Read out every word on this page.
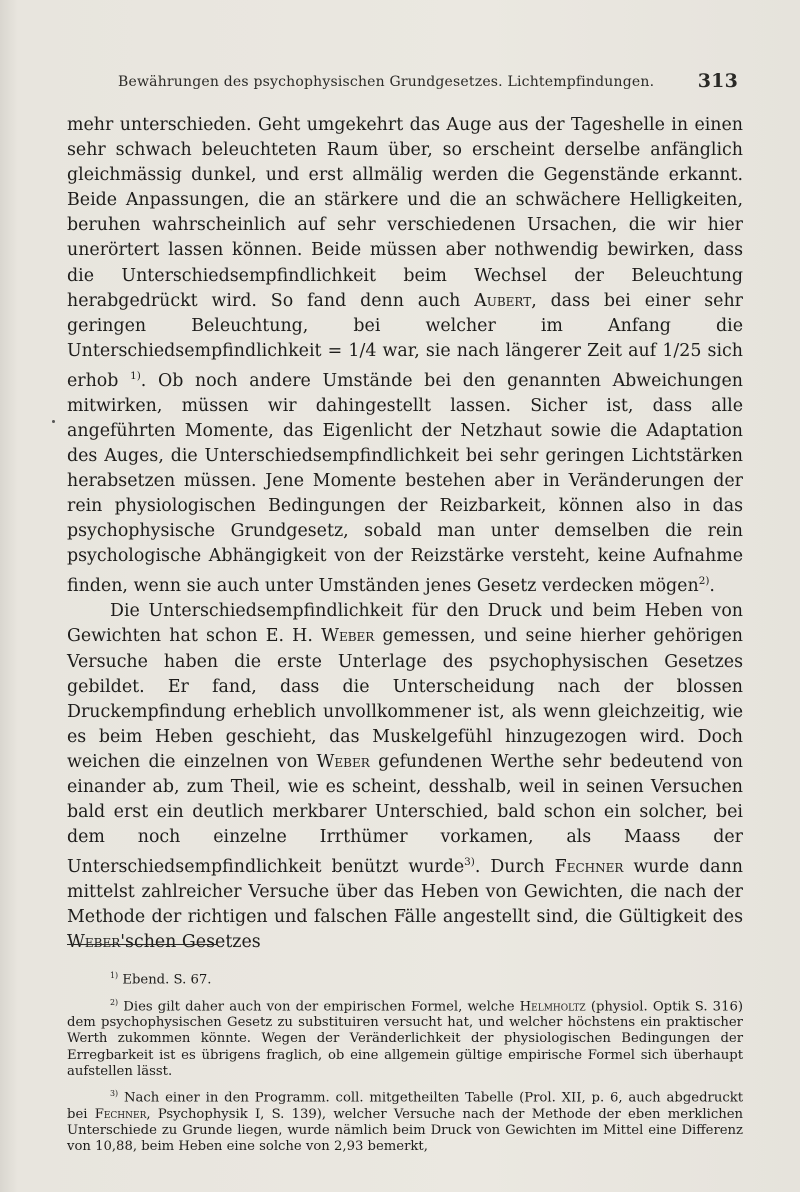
Bewährungen des psychophysischen Grundgesetzes. Lichtempfindungen. 313

mehr unterschieden. Geht umgekehrt das Auge aus der Tageshelle in einen sehr schwach beleuchteten Raum über, so erscheint derselbe anfänglich gleichmässig dunkel, und erst allmälig werden die Gegenstände erkannt. Beide Anpassungen, die an stärkere und die an schwächere Helligkeiten, beruhen wahrscheinlich auf sehr verschiedenen Ursachen, die wir hier unerörtert lassen können. Beide müssen aber nothwendig bewirken, dass die Unterschiedsempfindlichkeit beim Wechsel der Beleuchtung herabgedrückt wird. So fand denn auch Aubert, dass bei einer sehr geringen Beleuchtung, bei welcher im Anfang die Unterschiedsempfindlichkeit = 1/4 war, sie nach längerer Zeit auf 1/25 sich erhob $^{1)}$. Ob noch andere Umstände bei den genannten Abweichungen mitwirken, müssen wir dahingestellt lassen. Sicher ist, dass alle angeführten Momente, das Eigenlicht der Netzhaut sowie die Adaptation des Auges, die Unterschiedsempfindlichkeit bei sehr geringen Lichtstärken herabsetzen müssen. Jene Momente bestehen aber in Veränderungen der rein physiologischen Bedingungen der Reizbarkeit, können also in das psychophysische Grundgesetz, sobald man unter demselben die rein psychologische Abhängigkeit von der Reizstärke versteht, keine Aufnahme finden, wenn sie auch unter Umständen jenes Gesetz verdecken mögen$^{2)}$.

Die Unterschiedsempfindlichkeit für den Druck und beim Heben von Gewichten hat schon E. H. Weber gemessen, und seine hierher gehörigen Versuche haben die erste Unterlage des psychophysischen Gesetzes gebildet. Er fand, dass die Unterscheidung nach der blossen Druckempfindung erheblich unvollkommener ist, als wenn gleichzeitig, wie es beim Heben geschieht, das Muskelgefühl hinzugezogen wird. Doch weichen die einzelnen von Weber gefundenen Werthe sehr bedeutend von einander ab, zum Theil, wie es scheint, desshalb, weil in seinen Versuchen bald erst ein deutlich merkbarer Unterschied, bald schon ein solcher, bei dem noch einzelne Irrthümer vorkamen, als Maass der Unterschiedsempfindlichkeit benützt wurde$^{3)}$. Durch Fechner wurde dann mittelst zahlreicher Versuche über das Heben von Gewichten, die nach der Methode der richtigen und falschen Fälle angestellt sind, die Gültigkeit des Weber'schen Gesetzes

$^{1)}$ Ebend. S. 67.

$^{2)}$ Dies gilt daher auch von der empirischen Formel, welche Helmholtz (physiol. Optik S. 316) dem psychophysischen Gesetz zu substituiren versucht hat, und welcher höchstens ein praktischer Werth zukommen könnte. Wegen der Veränderlichkeit der physiologischen Bedingungen der Erregbarkeit ist es übrigens fraglich, ob eine allgemein gültige empirische Formel sich überhaupt aufstellen lässt.

$^{3)}$ Nach einer in den Programm. coll. mitgetheilten Tabelle (Prol. XII, p. 6, auch abgedruckt bei Fechner, Psychophysik I, S. 139), welcher Versuche nach der Methode der eben merklichen Unterschiede zu Grunde liegen, wurde nämlich beim Druck von Gewichten im Mittel eine Differenz von 10,88, beim Heben eine solche von 2,93 bemerkt,
